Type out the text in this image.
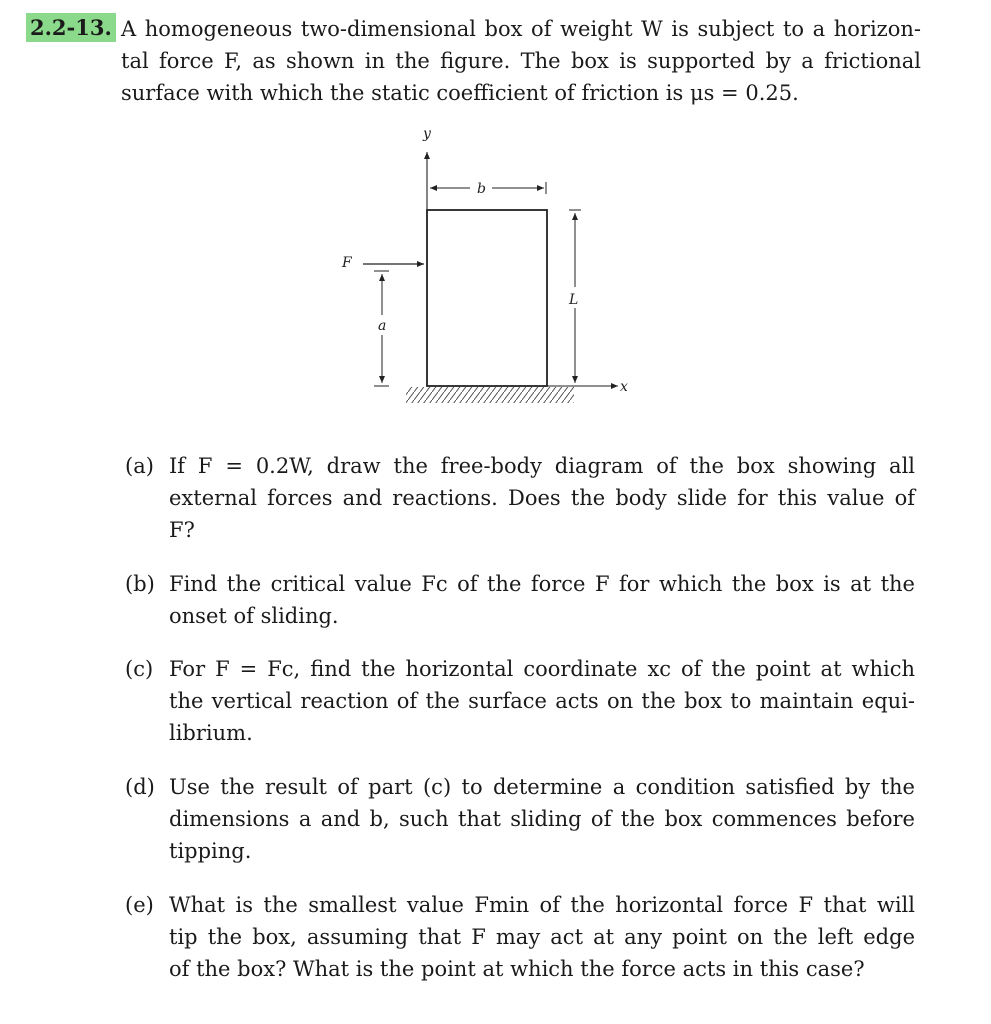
2.2-13. A homogeneous two-dimensional box of weight W is subject to a horizon-
tal force F, as shown in the figure. The box is supported by a frictional
surface with which the static coefficient of friction is μs = 0.25.
y
x
b
L
F
a
(a) If F = 0.2W, draw the free-body diagram of the box showing all
external forces and reactions. Does the body slide for this value of
F?
(b) Find the critical value Fc of the force F for which the box is at the
onset of sliding.
(c) For F = Fc, find the horizontal coordinate xc of the point at which
the vertical reaction of the surface acts on the box to maintain equi-
librium.
(d) Use the result of part (c) to determine a condition satisfied by the
dimensions a and b, such that sliding of the box commences before
tipping.
(e) What is the smallest value Fmin of the horizontal force F that will
tip the box, assuming that F may act at any point on the left edge
of the box? What is the point at which the force acts in this case?
